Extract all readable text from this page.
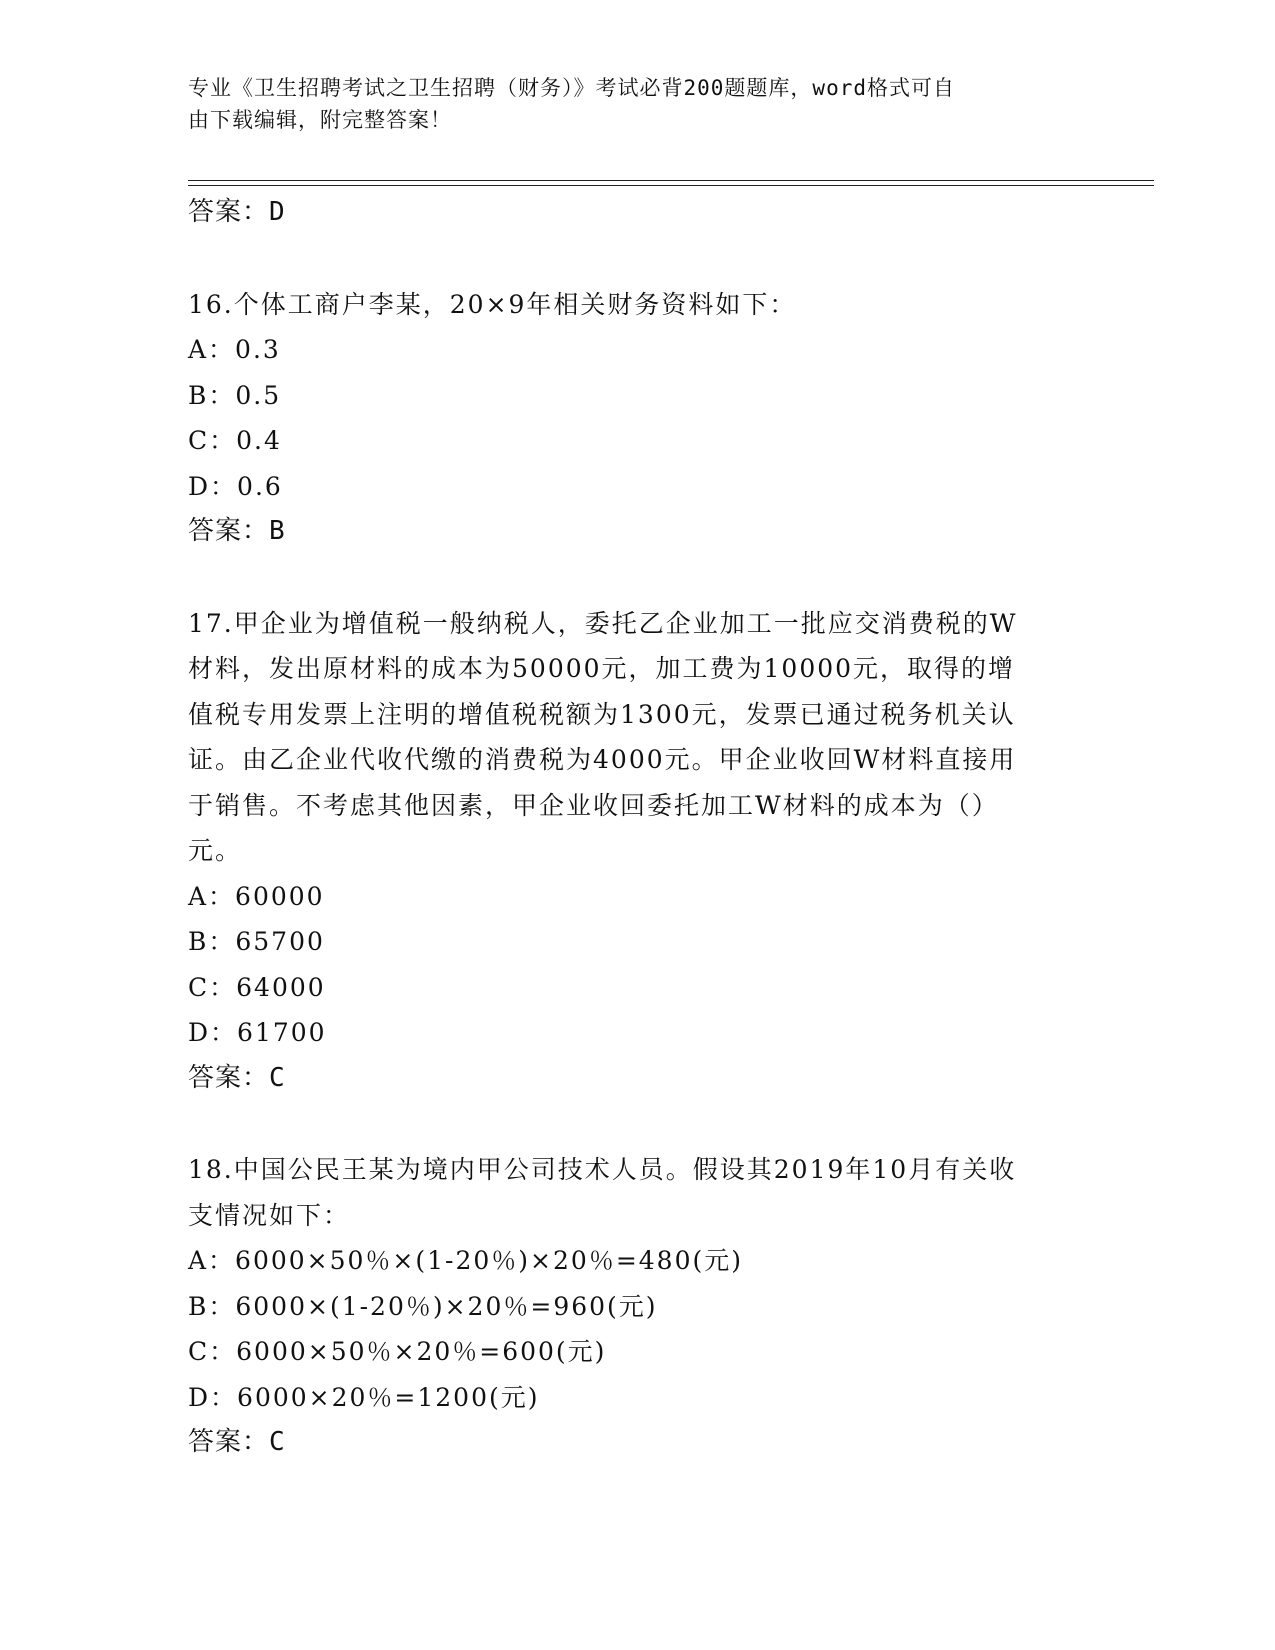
专业《卫生招聘考试之卫生招聘（财务）》考试必背200题题库，word格式可自
由下载编辑，附完整答案！
答案：D
16.个体工商户李某，20×9年相关财务资料如下：
A：0.3
B：0.5
C：0.4
D：0.6
答案：B
17.甲企业为增值税一般纳税人，委托乙企业加工一批应交消费税的W
材料，发出原材料的成本为50000元，加工费为10000元，取得的增
值税专用发票上注明的增值税税额为1300元，发票已通过税务机关认
证。由乙企业代收代缴的消费税为4000元。甲企业收回W材料直接用
于销售。不考虑其他因素，甲企业收回委托加工W材料的成本为（）
元。
A：60000
B：65700
C：64000
D：61700
答案：C
18.中国公民王某为境内甲公司技术人员。假设其2019年10月有关收
支情况如下：
A：6000×50％×(1-20％)×20％=480(元)
B：6000×(1-20％)×20％=960(元)
C：6000×50％×20％=600(元)
D：6000×20％=1200(元)
答案：C
